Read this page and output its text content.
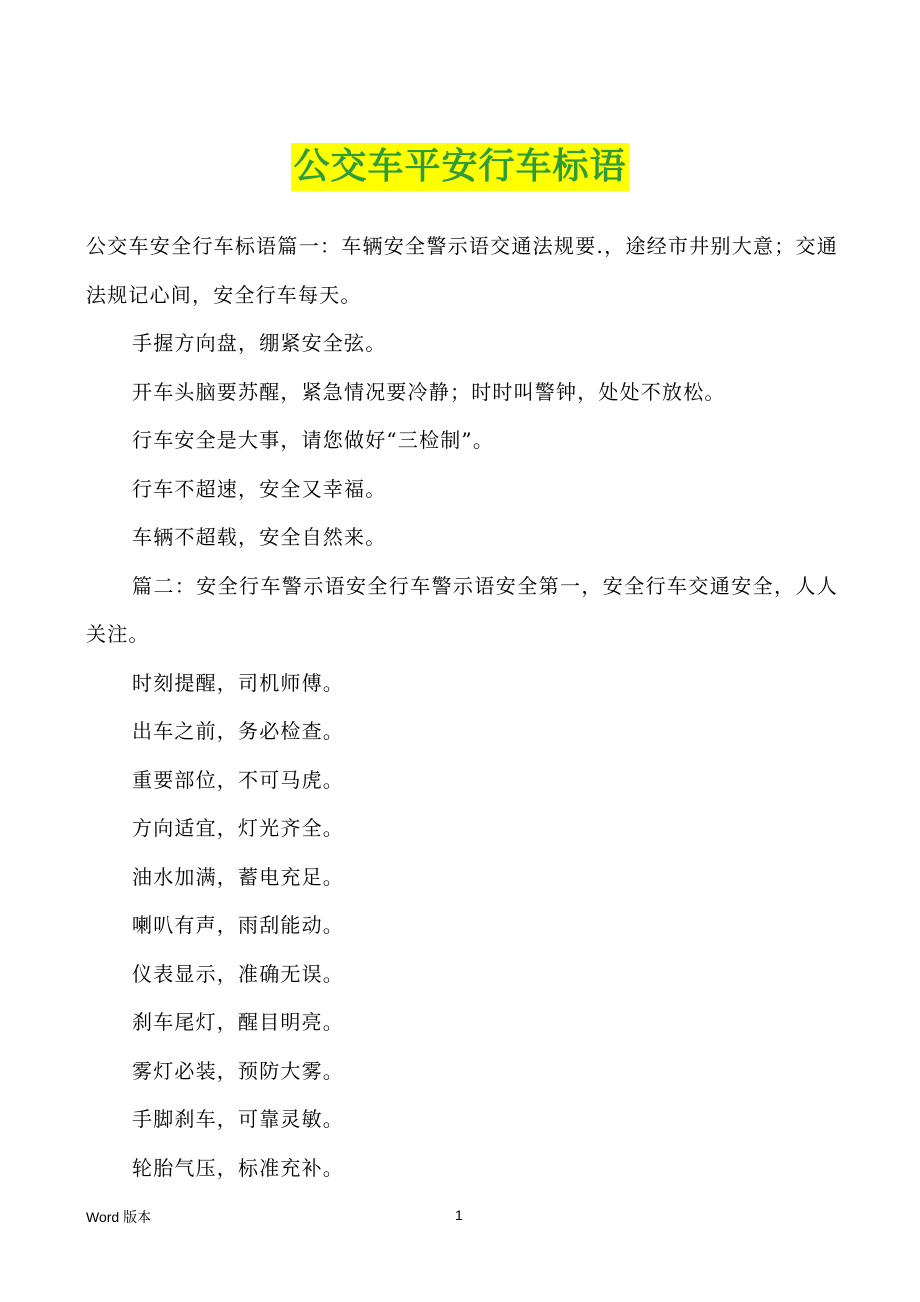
公交车平安行车标语

公交车安全行车标语篇一：车辆安全警示语交通法规要.，途经市井别大意；交通法规记心间，安全行车每天。

手握方向盘，绷紧安全弦。

开车头脑要苏醒，紧急情况要冷静；时时叫警钟，处处不放松。

行车安全是大事，请您做好“三检制”。

行车不超速，安全又幸福。

车辆不超载，安全自然来。

篇二：安全行车警示语安全行车警示语安全第一，安全行车交通安全，人人关注。

时刻提醒，司机师傅。

出车之前，务必检查。

重要部位，不可马虎。

方向适宜，灯光齐全。

油水加满，蓄电充足。

喇叭有声，雨刮能动。

仪表显示，准确无误。

刹车尾灯，醒目明亮。

雾灯必装，预防大雾。

手脚刹车，可靠灵敏。

轮胎气压，标准充补。

Word 版本	1
